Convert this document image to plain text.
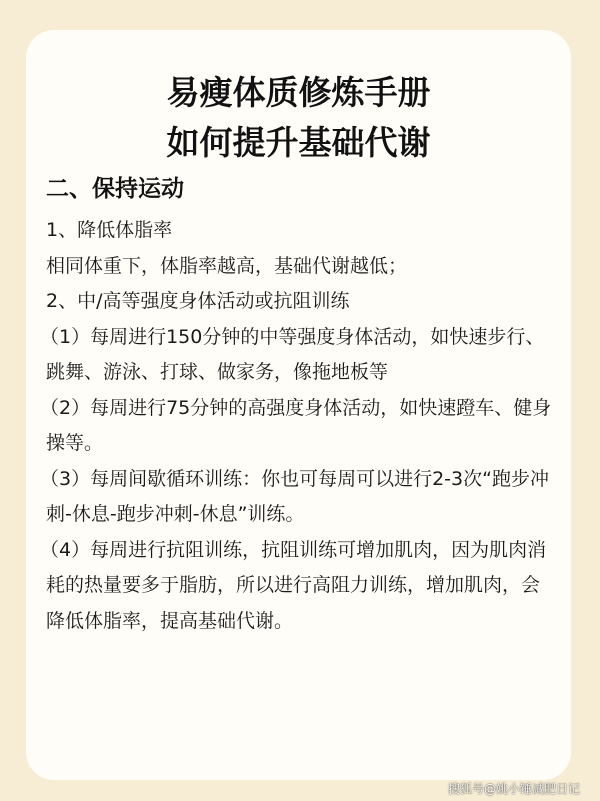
易瘦体质修炼手册
如何提升基础代谢
二、保持运动

1、降低体脂率

相同体重下，体脂率越高，基础代谢越低；

2、中/高等强度身体活动或抗阻训练

（1）每周进行150分钟的中等强度身体活动，如快速步行、跳舞、游泳、打球、做家务，像拖地板等

（2）每周进行75分钟的高强度身体活动，如快速蹬车、健身操等。

（3）每周间歇循环训练：你也可每周可以进行2-3次“跑步冲刺-休息-跑步冲刺-休息”训练。

（4）每周进行抗阻训练，抗阻训练可增加肌肉，因为肌肉消耗的热量要多于脂肪，所以进行高阻力训练，增加肌肉，会降低体脂率，提高基础代谢。

搜狐号@姚小锤减肥日记
